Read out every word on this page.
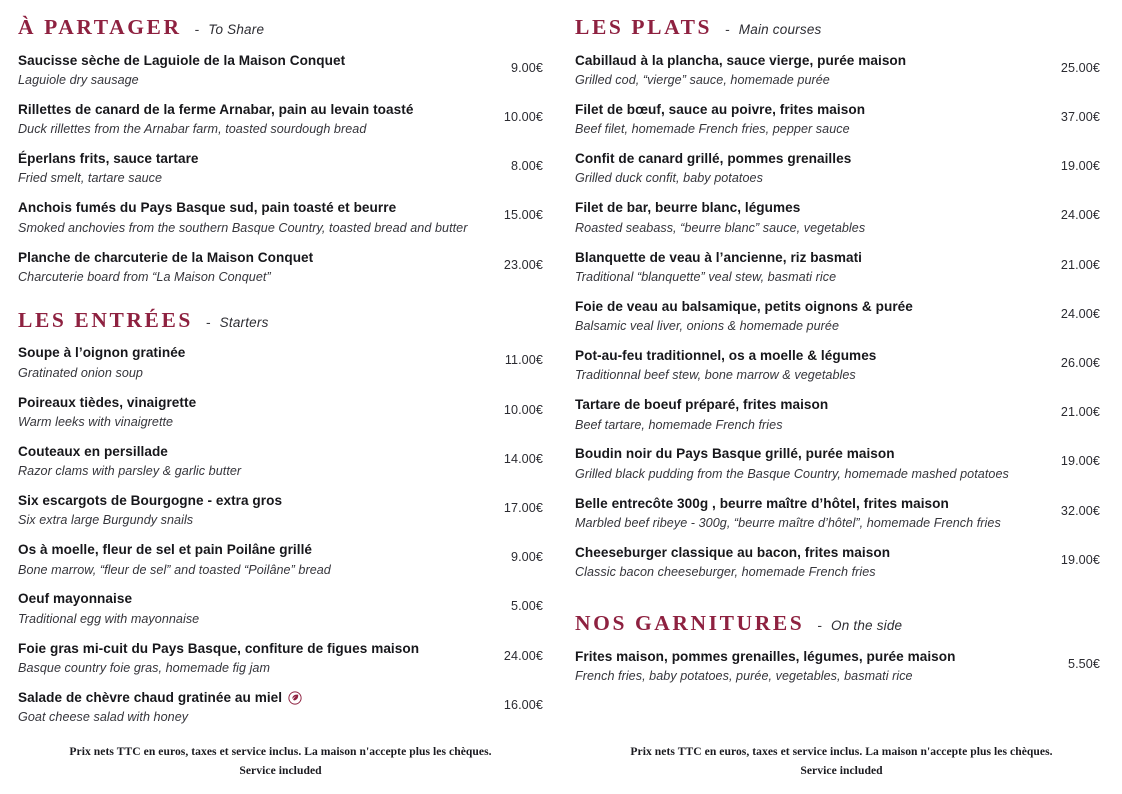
À PARTAGER - To Share
Saucisse sèche de Laguiole de la Maison Conquet
Laguiole dry sausage
9.00€
Rillettes de canard de la ferme Arnabar, pain au levain toasté
Duck rillettes from the Arnabar farm, toasted sourdough bread
10.00€
Éperlans frits, sauce tartare
Fried smelt, tartare sauce
8.00€
Anchois fumés du Pays Basque sud, pain toasté et beurre
Smoked anchovies from the southern Basque Country, toasted bread and butter
15.00€
Planche de charcuterie de la Maison Conquet
Charcuterie board from “La Maison Conquet”
23.00€
LES ENTRÉES - Starters
Soupe à l’oignon gratinée
Gratinated onion soup
11.00€
Poireaux tièdes, vinaigrette
Warm leeks with vinaigrette
10.00€
Couteaux en persillade
Razor clams with parsley & garlic butter
14.00€
Six escargots de Bourgogne - extra gros
Six extra large Burgundy snails
17.00€
Os à moelle, fleur de sel et pain Poilâne grillé
Bone marrow, “fleur de sel” and toasted “Poilâne” bread
9.00€
Oeuf mayonnaise
Traditional egg with mayonnaise
5.00€
Foie gras mi-cuit du Pays Basque, confiture de figues maison
Basque country foie gras, homemade fig jam
24.00€
Salade de chèvre chaud gratinée au miel
Goat cheese salad with honey
16.00€
Prix nets TTC en euros, taxes et service inclus. La maison n'accepte plus les chèques.
Service included
LES PLATS - Main courses
Cabillaud à la plancha, sauce vierge, purée maison
Grilled cod, “vierge” sauce, homemade purée
25.00€
Filet de bœuf, sauce au poivre, frites maison
Beef filet, homemade French fries, pepper sauce
37.00€
Confit de canard grillé, pommes grenailles
Grilled duck confit, baby potatoes
19.00€
Filet de bar, beurre blanc, légumes
Roasted seabass, “beurre blanc” sauce, vegetables
24.00€
Blanquette de veau à l’ancienne, riz basmati
Traditional “blanquette” veal stew, basmati rice
21.00€
Foie de veau au balsamique, petits oignons & purée
Balsamic veal liver, onions & homemade purée
24.00€
Pot-au-feu traditionnel, os a moelle & légumes
Traditionnal beef stew, bone marrow & vegetables
26.00€
Tartare de boeuf préparé, frites maison
Beef tartare, homemade French fries
21.00€
Boudin noir du Pays Basque grillé, purée maison
Grilled black pudding from the Basque Country, homemade mashed potatoes
19.00€
Belle entrecôte 300g , beurre maître d’hôtel, frites maison
Marbled beef ribeye - 300g, “beurre maître d’hôtel”, homemade French fries
32.00€
Cheeseburger classique au bacon, frites maison
Classic bacon cheeseburger, homemade French fries
19.00€
NOS GARNITURES - On the side
Frites maison, pommes grenailles, légumes, purée maison
French fries, baby potatoes, purée, vegetables, basmati rice
5.50€
Prix nets TTC en euros, taxes et service inclus. La maison n'accepte plus les chèques.
Service included
